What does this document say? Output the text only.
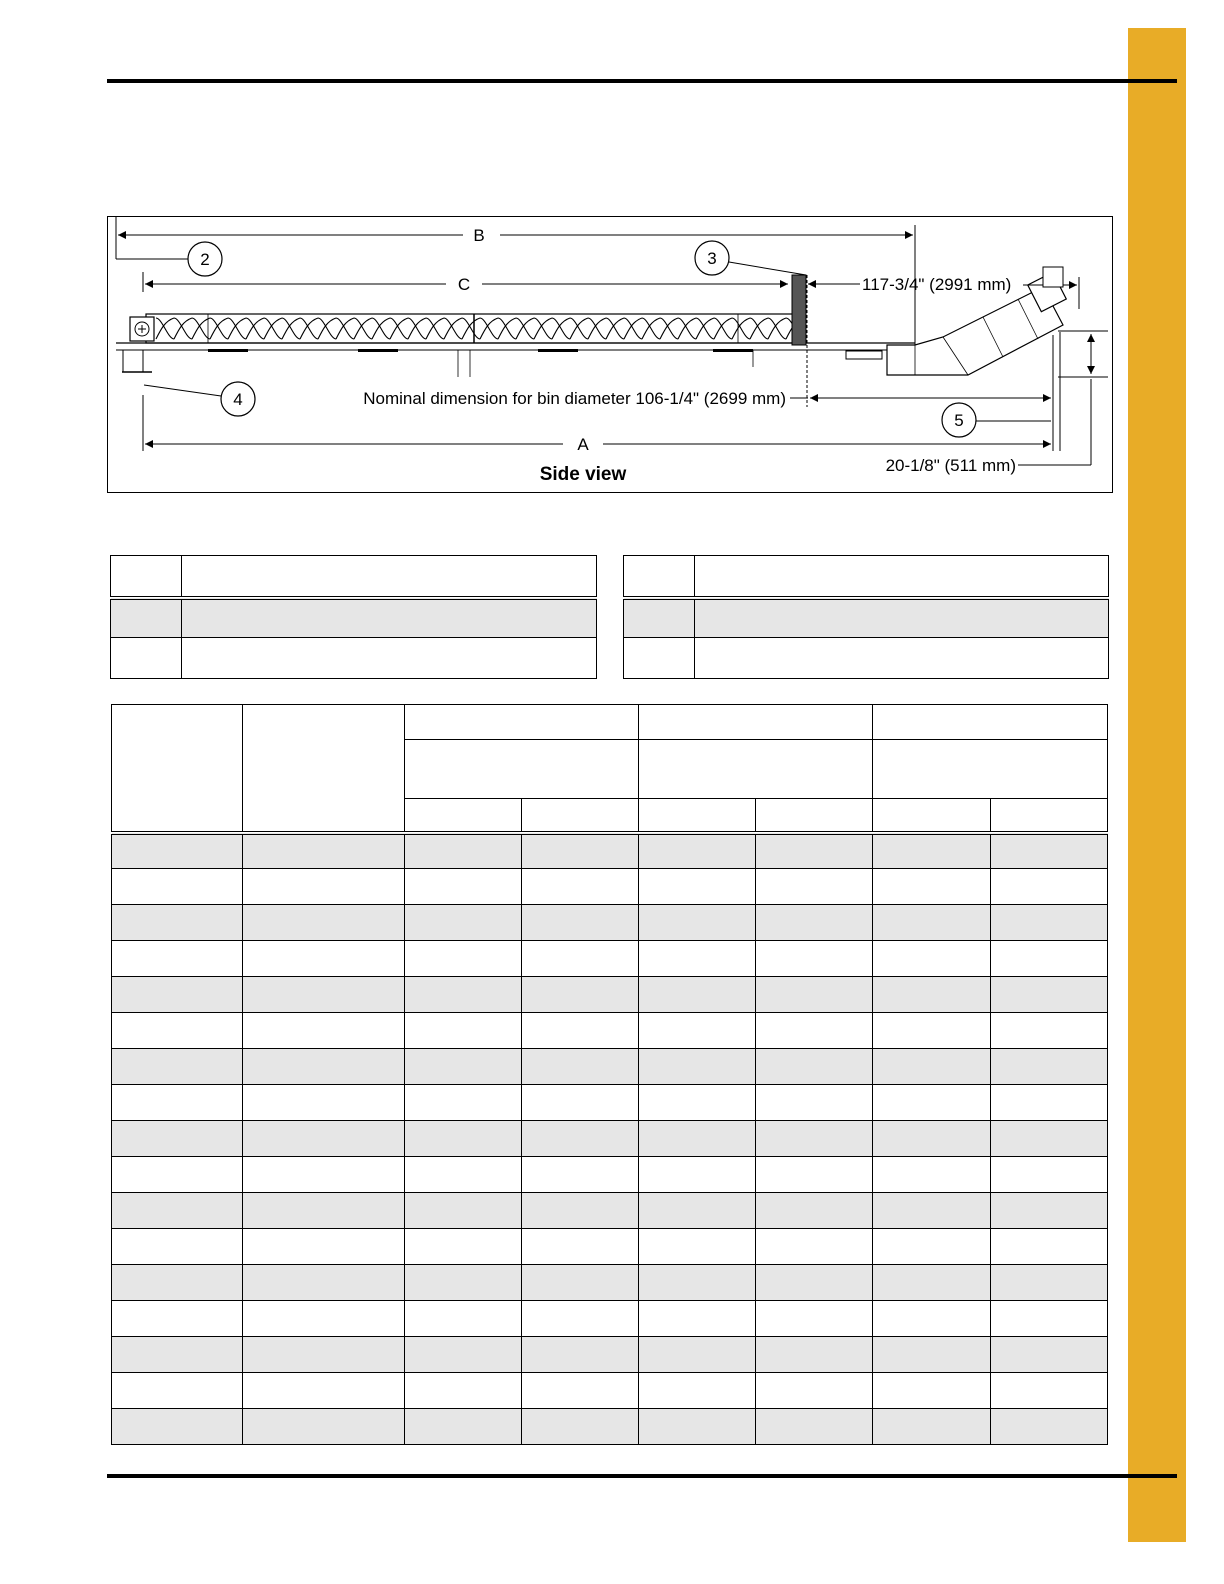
B
C	117-3/4" (2991 mm)
Nominal dimension for bin diameter 106-1/4" (2699 mm)
A
20-1/8" (511 mm)
2	3
4
5
Side view
